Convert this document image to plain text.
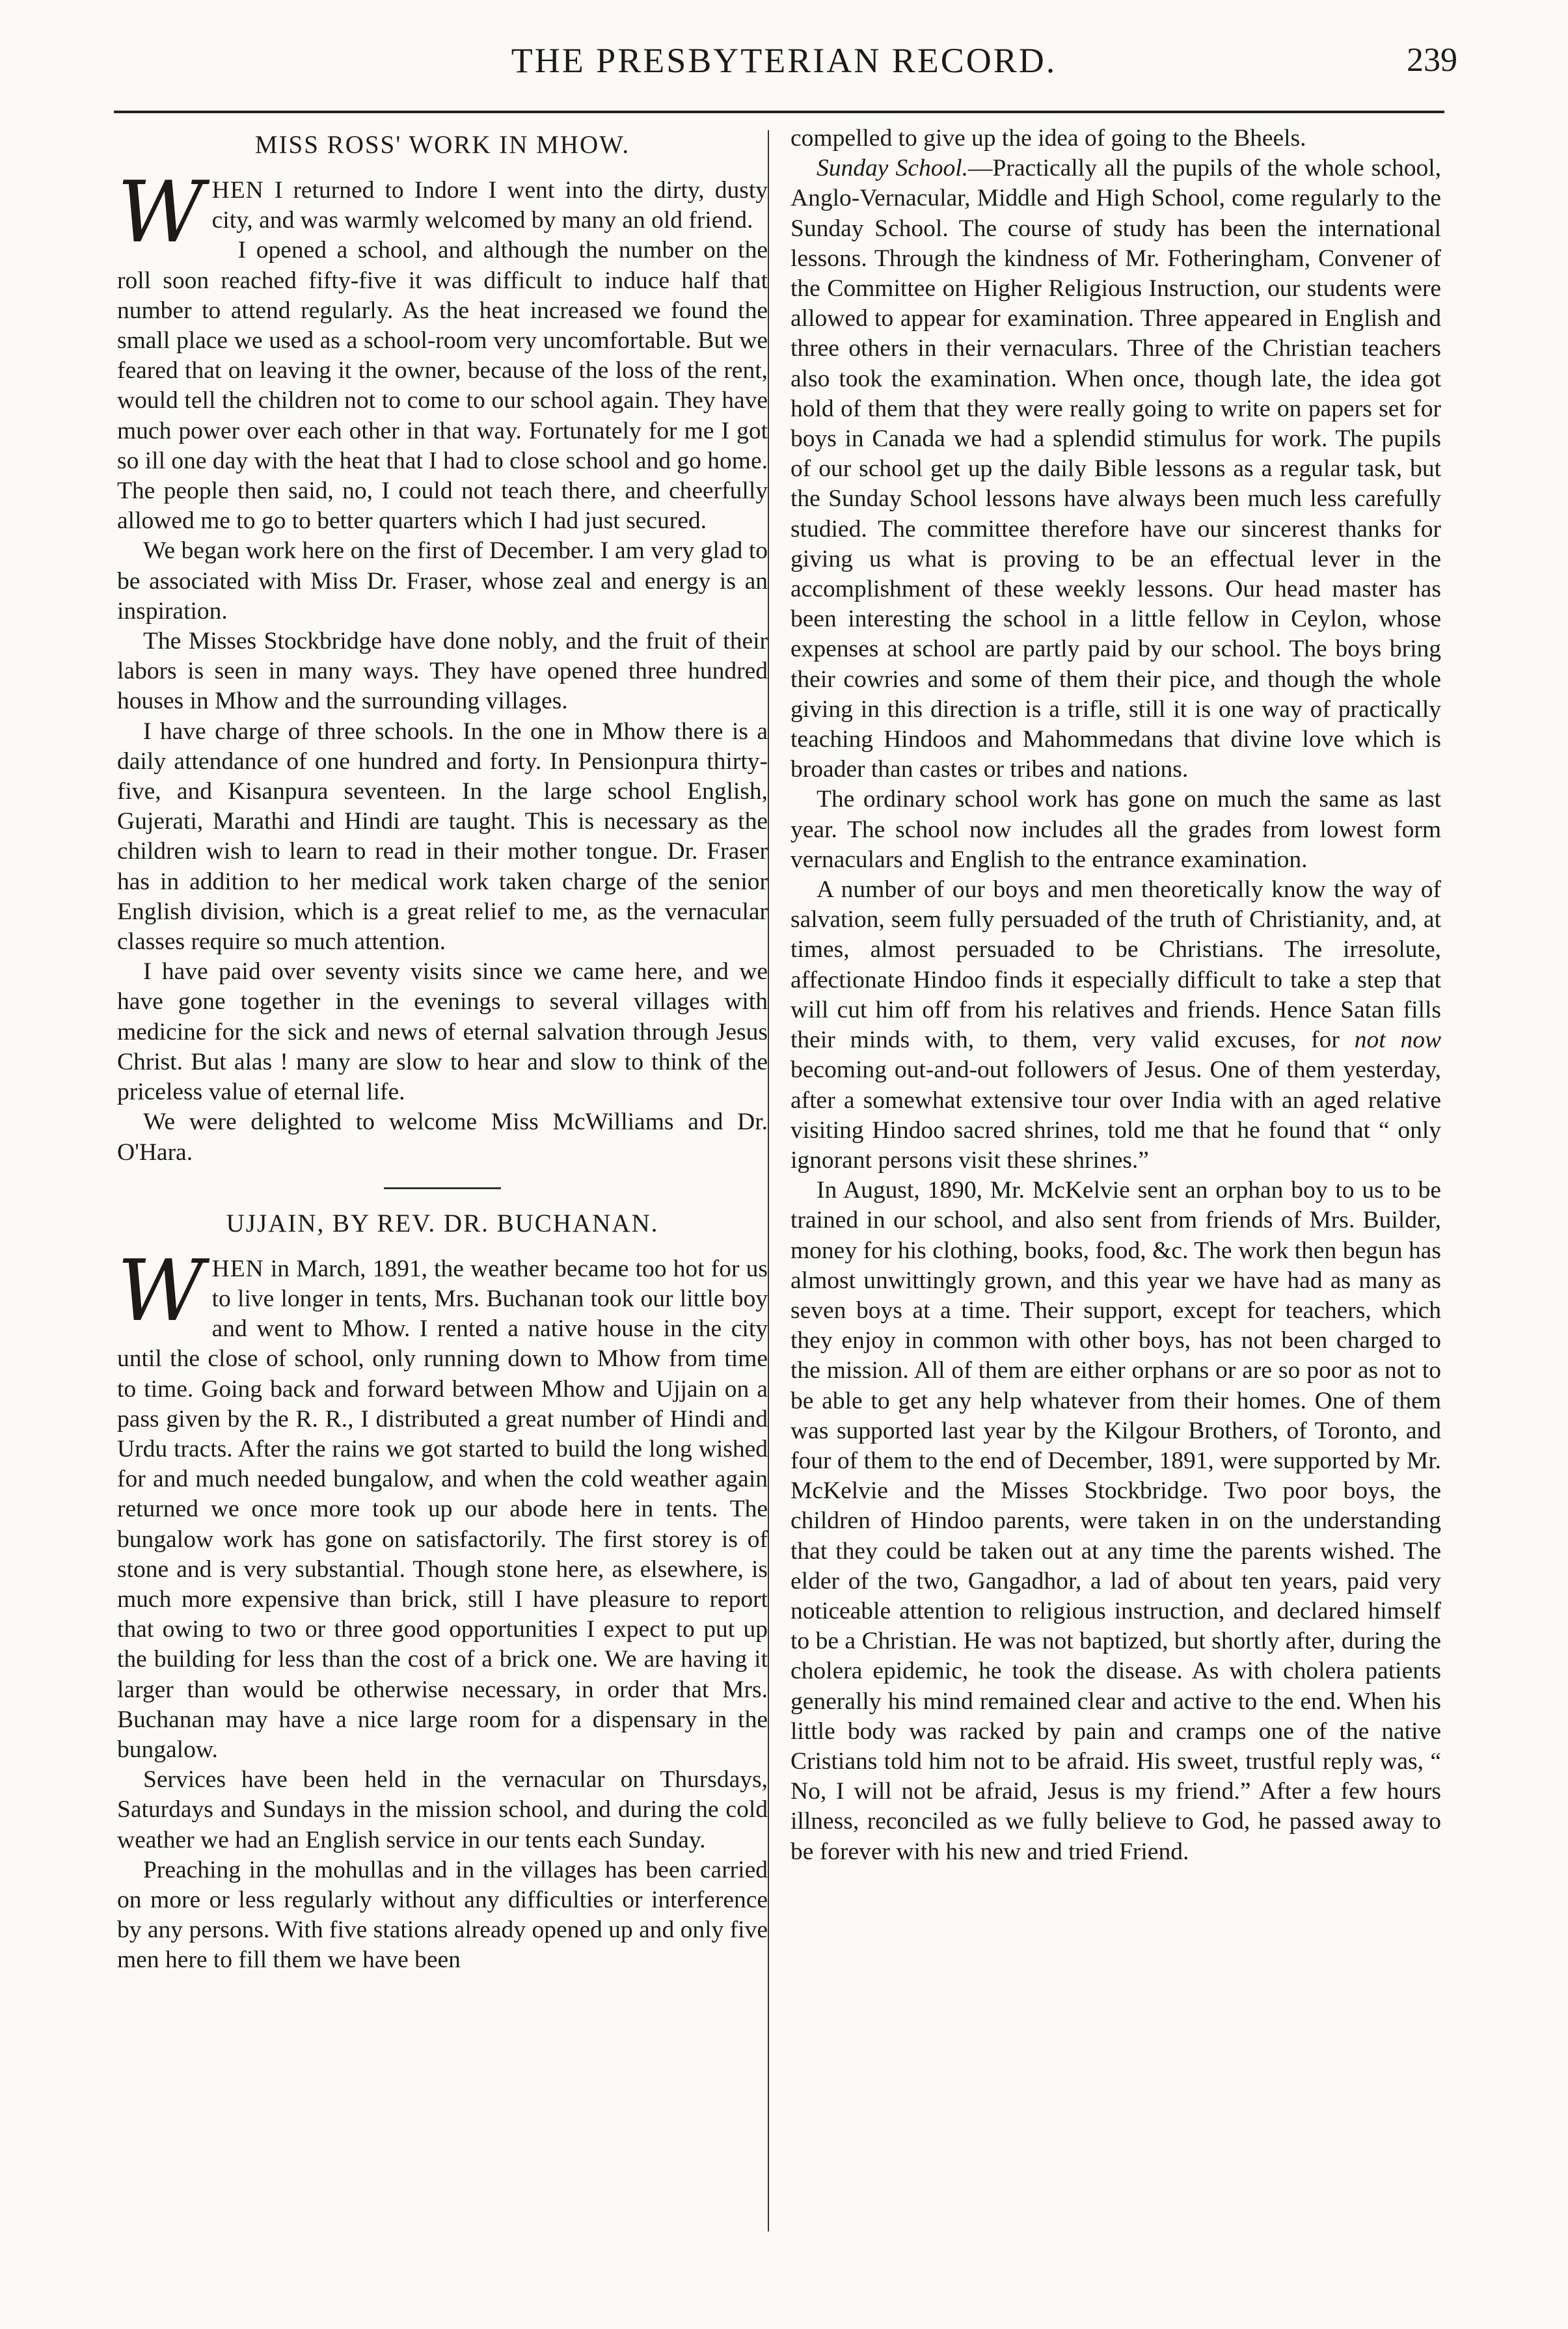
THE PRESBYTERIAN RECORD.	239
MISS ROSS' WORK IN MHOW.

WHEN I returned to Indore I went into the dirty, dusty city, and was warmly welcomed by many an old friend.

I opened a school, and although the number on the roll soon reached fifty-five it was difficult to induce half that number to attend regularly. As the heat increased we found the small place we used as a school-room very uncomfortable. But we feared that on leaving it the owner, because of the loss of the rent, would tell the children not to come to our school again. They have much power over each other in that way. Fortunately for me I got so ill one day with the heat that I had to close school and go home. The people then said, no, I could not teach there, and cheerfully allowed me to go to better quarters which I had just secured.

We began work here on the first of December. I am very glad to be associated with Miss Dr. Fraser, whose zeal and energy is an inspiration.

The Misses Stockbridge have done nobly, and the fruit of their labors is seen in many ways. They have opened three hundred houses in Mhow and the surrounding villages.

I have charge of three schools. In the one in Mhow there is a daily attendance of one hundred and forty. In Pensionpura thirty-five, and Kisanpura seventeen. In the large school English, Gujerati, Marathi and Hindi are taught. This is necessary as the children wish to learn to read in their mother tongue. Dr. Fraser has in addition to her medical work taken charge of the senior English division, which is a great relief to me, as the vernacular classes require so much attention.

I have paid over seventy visits since we came here, and we have gone together in the evenings to several villages with medicine for the sick and news of eternal salvation through Jesus Christ. But alas ! many are slow to hear and slow to think of the priceless value of eternal life.

We were delighted to welcome Miss McWilliams and Dr. O'Hara.

UJJAIN, BY REV. DR. BUCHANAN.

WHEN in March, 1891, the weather became too hot for us to live longer in tents, Mrs. Buchanan took our little boy and went to Mhow. I rented a native house in the city until the close of school, only running down to Mhow from time to time. Going back and forward between Mhow and Ujjain on a pass given by the R. R., I distributed a great number of Hindi and Urdu tracts. After the rains we got started to build the long wished for and much needed bungalow, and when the cold weather again returned we once more took up our abode here in tents. The bungalow work has gone on satisfactorily. The first storey is of stone and is very substantial. Though stone here, as elsewhere, is much more expensive than brick, still I have pleasure to report that owing to two or three good opportunities I expect to put up the building for less than the cost of a brick one. We are having it larger than would be otherwise necessary, in order that Mrs. Buchanan may have a nice large room for a dispensary in the bungalow.

Services have been held in the vernacular on Thursdays, Saturdays and Sundays in the mission school, and during the cold weather we had an English service in our tents each Sunday.

Preaching in the mohullas and in the villages has been carried on more or less regularly without any difficulties or interference by any persons. With five stations already opened up and only five men here to fill them we have been

compelled to give up the idea of going to the Bheels.

Sunday School.—Practically all the pupils of the whole school, Anglo-Vernacular, Middle and High School, come regularly to the Sunday School. The course of study has been the international lessons. Through the kindness of Mr. Fotheringham, Convener of the Committee on Higher Religious Instruction, our students were allowed to appear for examination. Three appeared in English and three others in their vernaculars. Three of the Christian teachers also took the examination. When once, though late, the idea got hold of them that they were really going to write on papers set for boys in Canada we had a splendid stimulus for work. The pupils of our school get up the daily Bible lessons as a regular task, but the Sunday School lessons have always been much less carefully studied. The committee therefore have our sincerest thanks for giving us what is proving to be an effectual lever in the accomplishment of these weekly lessons. Our head master has been interesting the school in a little fellow in Ceylon, whose expenses at school are partly paid by our school. The boys bring their cowries and some of them their pice, and though the whole giving in this direction is a trifle, still it is one way of practically teaching Hindoos and Mahommedans that divine love which is broader than castes or tribes and nations.

The ordinary school work has gone on much the same as last year. The school now includes all the grades from lowest form vernaculars and English to the entrance examination.

A number of our boys and men theoretically know the way of salvation, seem fully persuaded of the truth of Christianity, and, at times, almost persuaded to be Christians. The irresolute, affectionate Hindoo finds it especially difficult to take a step that will cut him off from his relatives and friends. Hence Satan fills their minds with, to them, very valid excuses, for not now becoming out-and-out followers of Jesus. One of them yesterday, after a somewhat extensive tour over India with an aged relative visiting Hindoo sacred shrines, told me that he found that “ only ignorant persons visit these shrines.”

In August, 1890, Mr. McKelvie sent an orphan boy to us to be trained in our school, and also sent from friends of Mrs. Builder, money for his clothing, books, food, &c. The work then begun has almost unwittingly grown, and this year we have had as many as seven boys at a time. Their support, except for teachers, which they enjoy in common with other boys, has not been charged to the mission. All of them are either orphans or are so poor as not to be able to get any help whatever from their homes. One of them was supported last year by the Kilgour Brothers, of Toronto, and four of them to the end of December, 1891, were supported by Mr. McKelvie and the Misses Stockbridge. Two poor boys, the children of Hindoo parents, were taken in on the understanding that they could be taken out at any time the parents wished. The elder of the two, Gangadhor, a lad of about ten years, paid very noticeable attention to religious instruction, and declared himself to be a Christian. He was not baptized, but shortly after, during the cholera epidemic, he took the disease. As with cholera patients generally his mind remained clear and active to the end. When his little body was racked by pain and cramps one of the native Cristians told him not to be afraid. His sweet, trustful reply was, “ No, I will not be afraid, Jesus is my friend.” After a few hours illness, reconciled as we fully believe to God, he passed away to be forever with his new and tried Friend.
